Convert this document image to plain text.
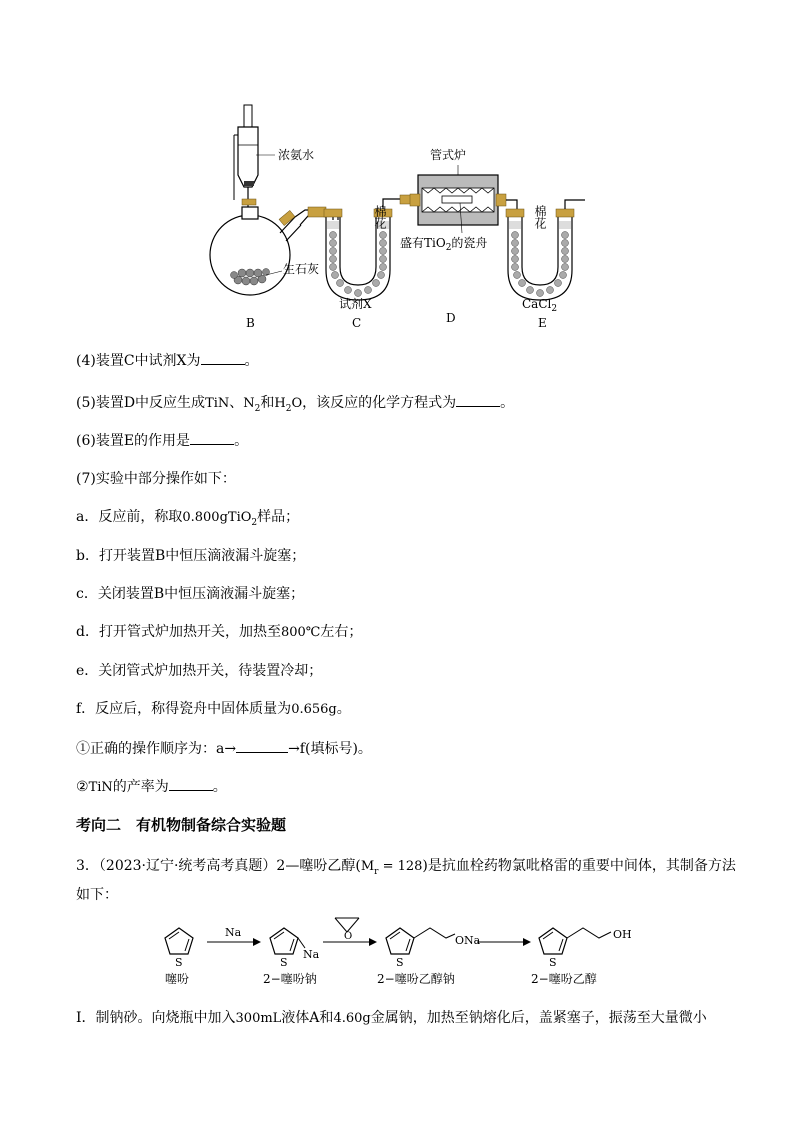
浓氨水
生石灰
管式炉
盛有TiO$_2$的瓷舟
棉花	棉花
试剂X	CaCl$_2$
B	C	D	E
(4)装置C中试剂X为	。
(5)装置D中反应生成TiN、$N_2$和$H_2O$，该反应的化学方程式为	。
(6)装置E的作用是	。
(7)实验中部分操作如下：
a．反应前，称取0.800gTiO$_2$样品；
b．打开装置B中恒压滴液漏斗旋塞；
c．关闭装置B中恒压滴液漏斗旋塞；
d．打开管式炉加热开关，加热至800℃左右；
e．关闭管式炉加热开关，待装置冷却；
f．反应后，称得瓷舟中固体质量为0.656g。
①正确的操作顺序为：a→	→f(填标号)。
②TiN的产率为	。
考向二　有机物制备综合实验题
3．（2023·辽宁·统考高考真题）2—噻吩乙醇$(M_r = 128)$是抗血栓药物氯吡格雷的重要中间体，其制备方法
如下：
S
噻吩
Na
S
Na
2−噻吩钠
O
S
ONa
2−噻吩乙醇钠
S
OH
2−噻吩乙醇
Ⅰ．制钠砂。向烧瓶中加入300mL液体A和4.60g金属钠，加热至钠熔化后，盖紧塞子，振荡至大量微小
